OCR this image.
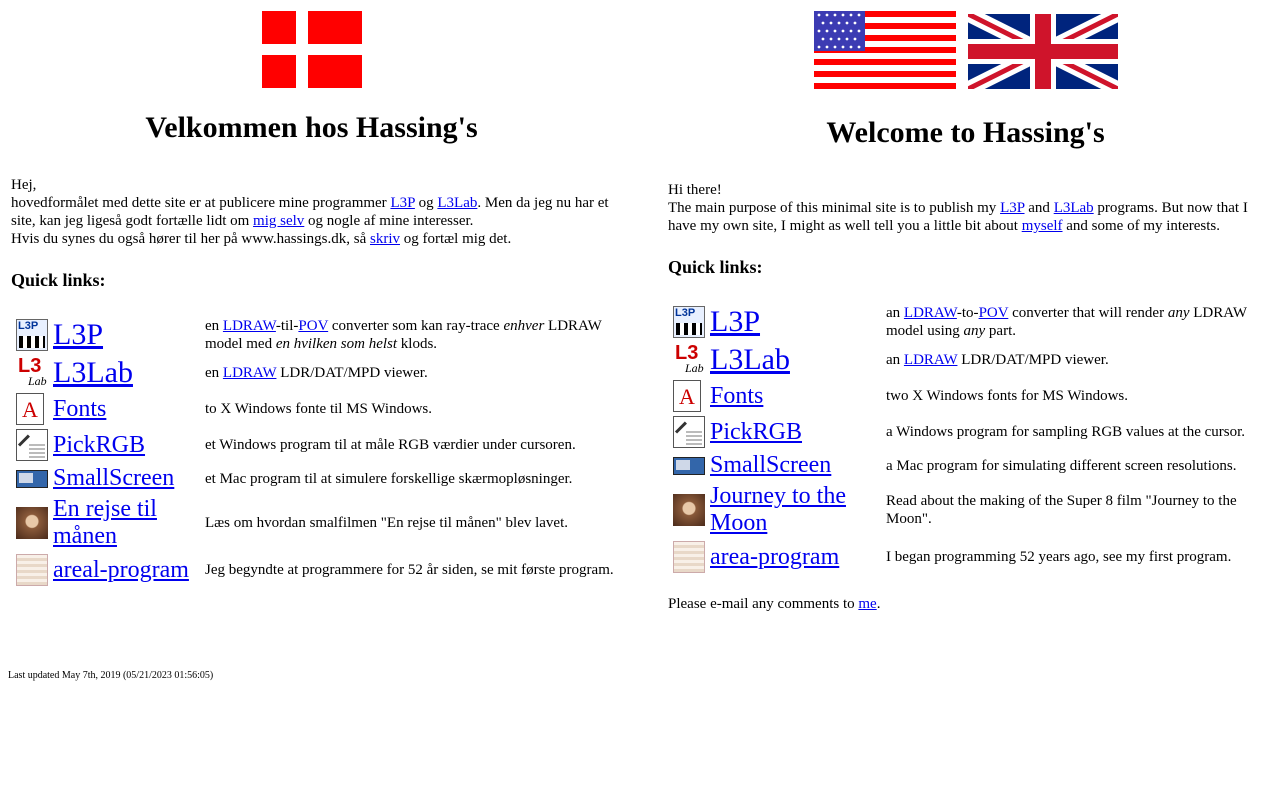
Velkommen hos Hassing's

Hej,
hovedformålet med dette site er at publicere mine programmer L3P og L3Lab. Men da jeg nu har et site, kan jeg ligeså godt fortælle lidt om mig selv og nogle af mine interesser.
Hvis du synes du også hører til her på www.hassings.dk, så skriv og fortæl mig det.

Quick links:
L3P	L3P	en LDRAW-til-POV converter som kan ray-trace enhver LDRAW model med en hvilken som helst klods.

L3
Lab	L3Lab	en LDRAW LDR/DAT/MPD viewer.

A	Fonts	to X Windows fonte til MS Windows.

	PickRGB	et Windows program til at måle RGB værdier under cursoren.

	SmallScreen	et Mac program til at simulere forskellige skærmopløsninger.

	En rejse til månen	Læs om hvordan smalfilmen "En rejse til månen" blev lavet.

	areal-program	Jeg begyndte at programmere for 52 år siden, se mit første program.
Welcome to Hassing's

Hi there!
The main purpose of this minimal site is to publish my L3P and L3Lab programs. But now that I have my own site, I might as well tell you a little bit about myself and some of my interests.

Quick links:
L3P	L3P	an LDRAW-to-POV converter that will render any LDRAW model using any part.

L3
Lab	L3Lab	an LDRAW LDR/DAT/MPD viewer.

A	Fonts	two X Windows fonts for MS Windows.

	PickRGB	a Windows program for sampling RGB values at the cursor.

	SmallScreen	a Mac program for simulating different screen resolutions.

	Journey to the Moon	Read about the making of the Super 8 film "Journey to the Moon".

	area-program	I began programming 52 years ago, see my first program.

Please e-mail any comments to me.

Last updated May 7th, 2019 (05/21/2023 01:56:05)
